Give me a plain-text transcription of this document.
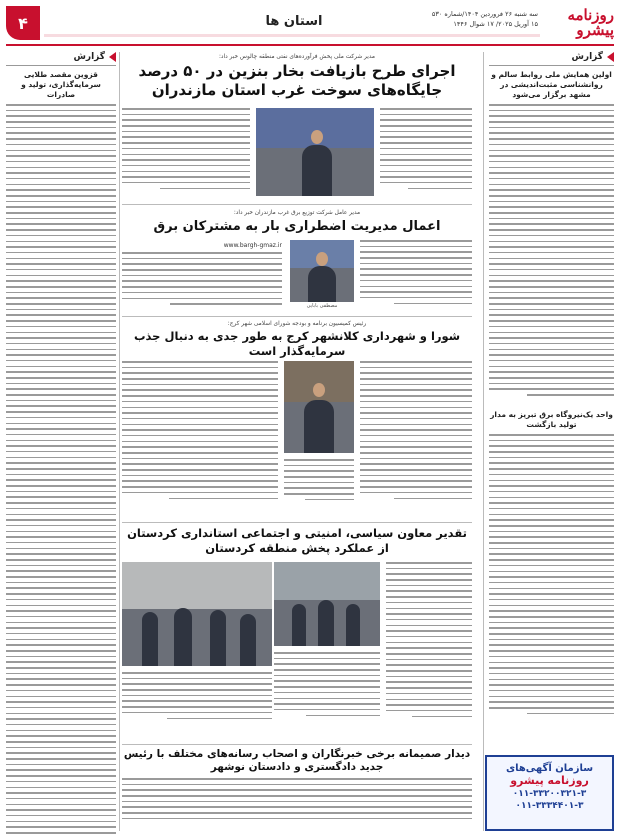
روزنامه پیشرو
سه شنبه ۲۶ فروردین ۱۴۰۴/شماره ۵۳۰
۱۵ آوریل ۲۰۲۵/ ۱۷ شوال ۱۴۴۶
استان ها
۴
گزارش
اولین همایش ملی روابط سالم و روانشناسی مثبت‌اندیشی در مشهد برگزار می‌شود
واحد یک‌نیروگاه برق تبریز به مدار تولید بازگشت
سازمان آگهی‌های
روزنامه پیشرو
۰۱۱-۳۳۲۰۰۳۲۱-۳
۰۱۱-۳۳۳۴۴۰۱-۳
گزارش
قزوین مقصد طلایی سرمایه‌گذاری، تولید و صادرات
مدیر شرکت ملی پخش فرآورده‌های نفتی منطقه چالوس خبر داد:
اجرای طرح بازیافت بخار بنزین در ۵۰ درصد جایگاه‌های سوخت غرب استان مازندران
مدیر عامل شرکت توزیع برق غرب مازندران خبر داد:
اعمال مدیریت اضطراری بار به مشترکان برق
مصطفی بابایی
www.bargh-gmaz.ir
رئیس کمیسیون برنامه و بودجه شورای اسلامی شهر کرج:
شورا و شهرداری کلانشهر کرج به طور جدی به دنبال جذب سرمایه‌گذار است
تقدیر معاون سیاسی، امنیتی و اجتماعی استانداری کردستان از عملکرد پخش منطقه کردستان
دیدار صمیمانه برخی خبرنگاران و اصحاب رسانه‌های مختلف با رئیس جدید دادگستری و دادستان نوشهر
